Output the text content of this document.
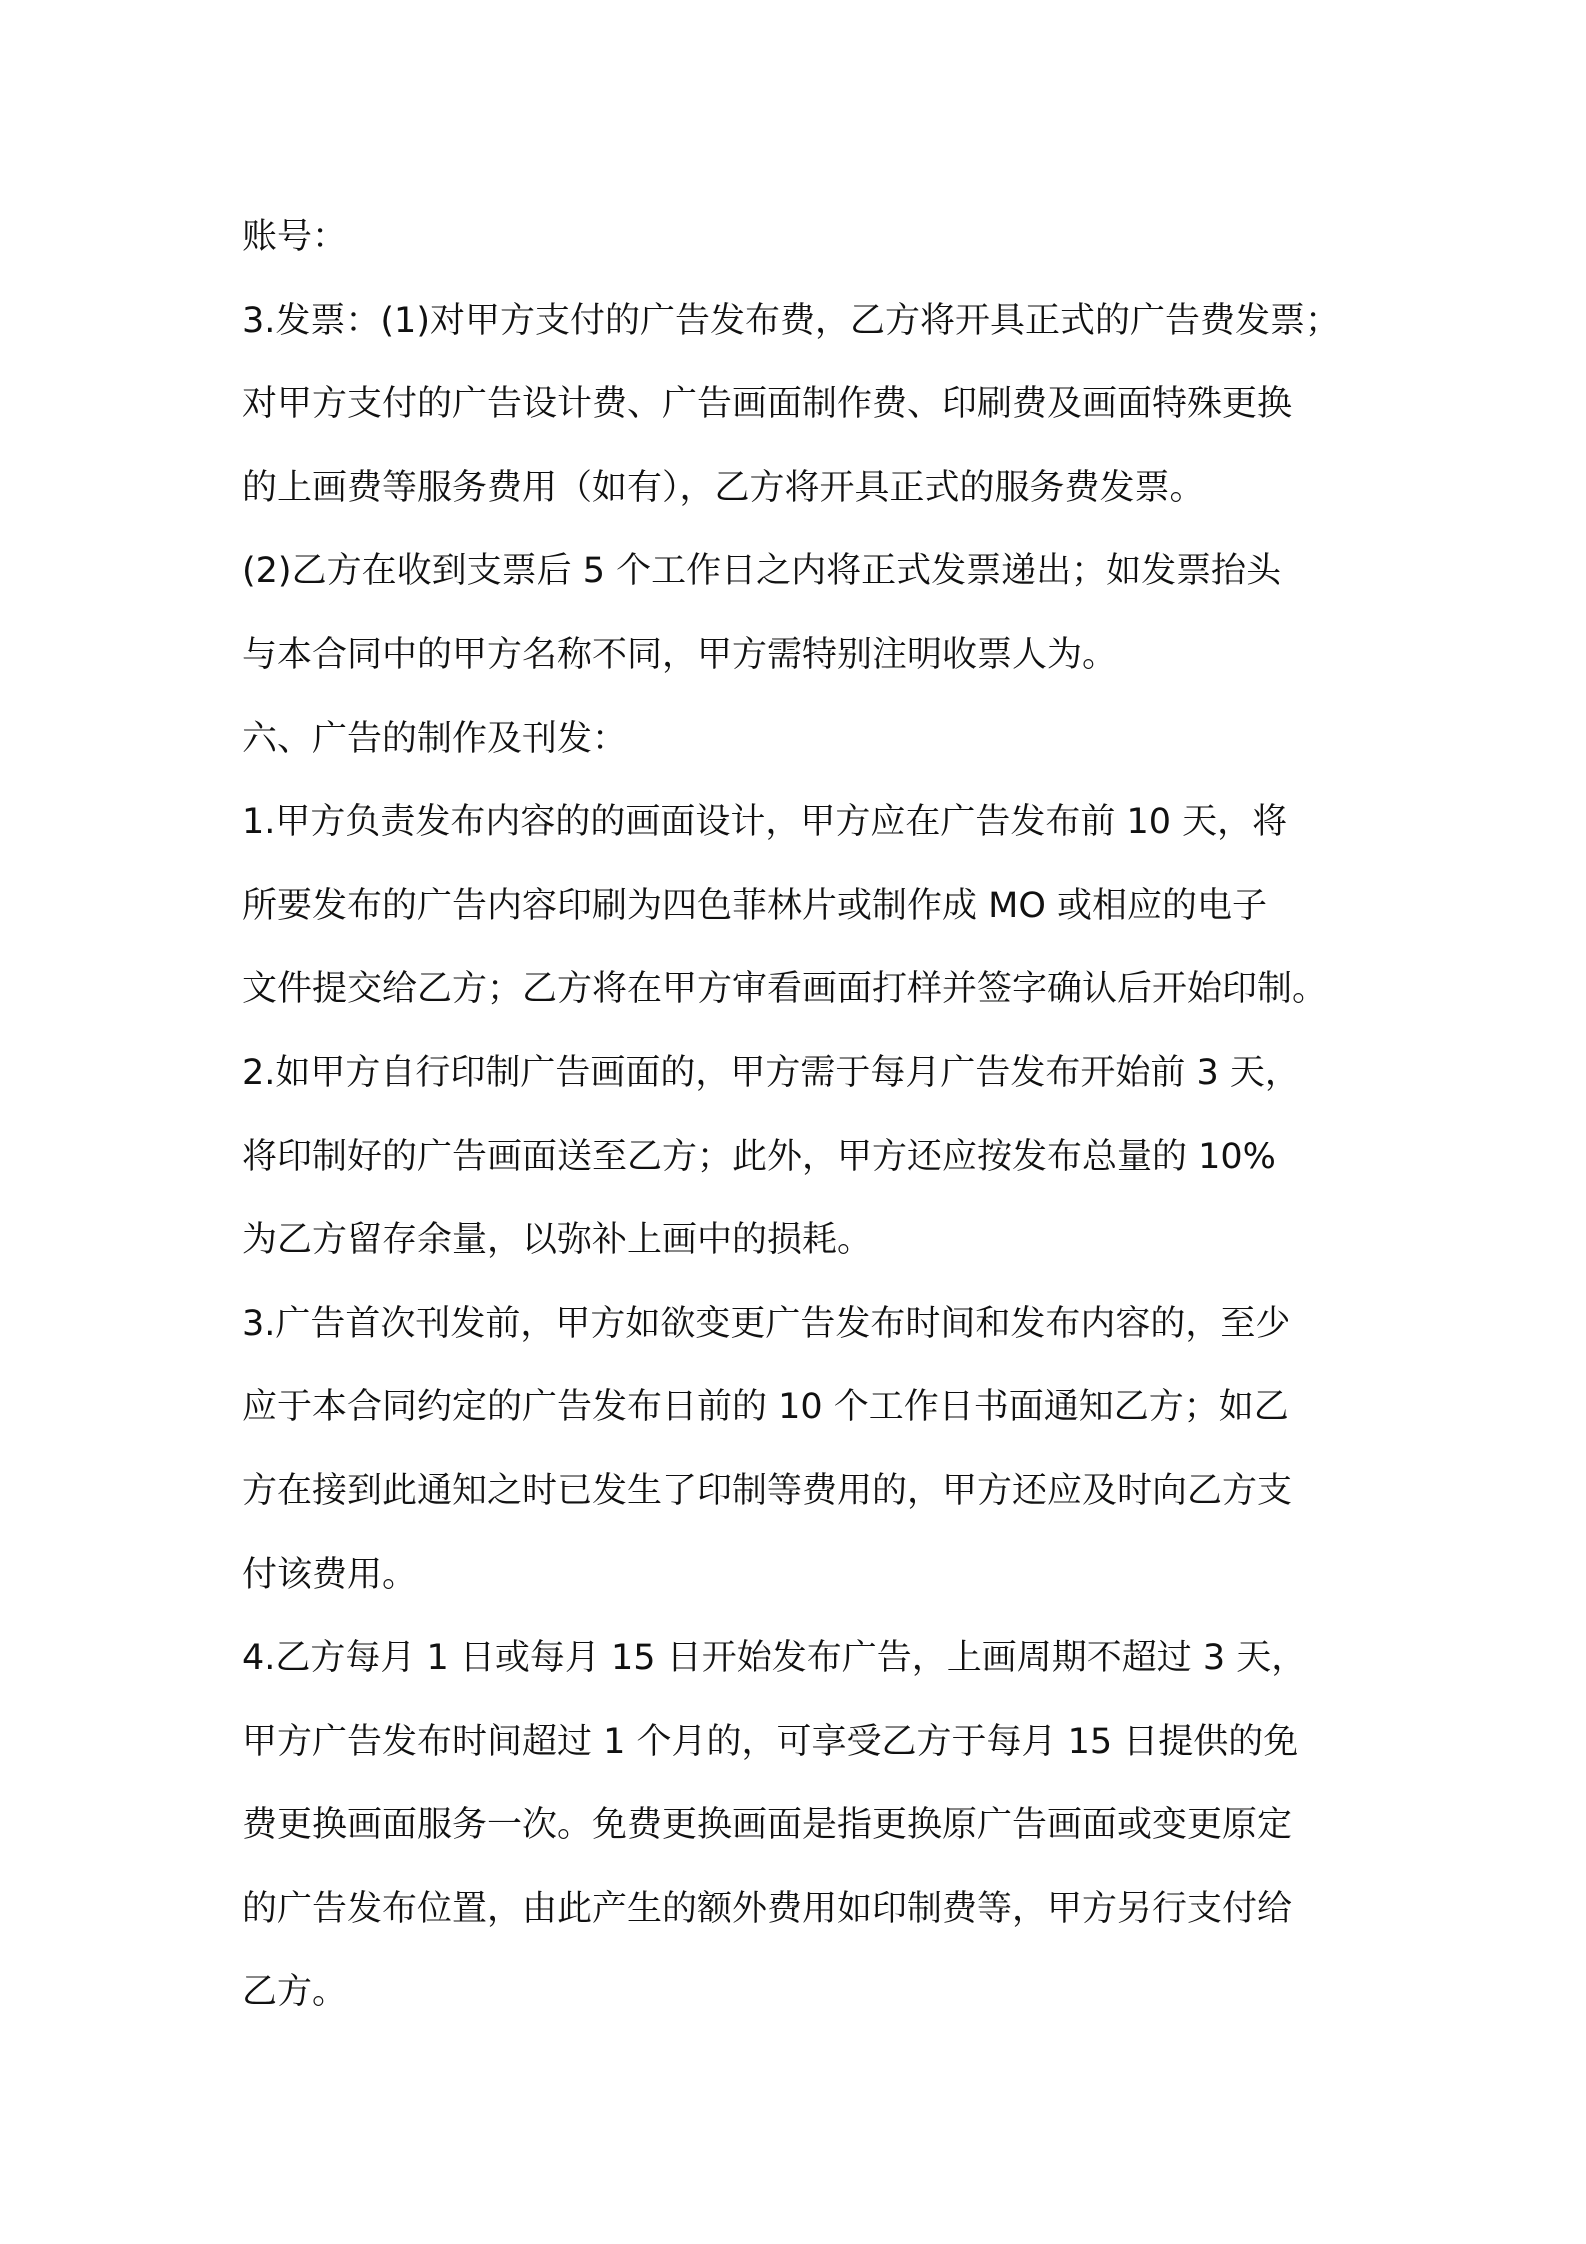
账号：
3.发票：(1)对甲方支付的广告发布费，乙方将开具正式的广告费发票；
对甲方支付的广告设计费、广告画面制作费、印刷费及画面特殊更换
的上画费等服务费用（如有），乙方将开具正式的服务费发票。
(2)乙方在收到支票后 5 个工作日之内将正式发票递出；如发票抬头
与本合同中的甲方名称不同，甲方需特别注明收票人为。
六、广告的制作及刊发：
1.甲方负责发布内容的的画面设计，甲方应在广告发布前 10 天，将
所要发布的广告内容印刷为四色菲林片或制作成 MO 或相应的电子
文件提交给乙方；乙方将在甲方审看画面打样并签字确认后开始印制。
2.如甲方自行印制广告画面的，甲方需于每月广告发布开始前 3 天，
将印制好的广告画面送至乙方；此外，甲方还应按发布总量的 10%
为乙方留存余量，以弥补上画中的损耗。
3.广告首次刊发前，甲方如欲变更广告发布时间和发布内容的，至少
应于本合同约定的广告发布日前的 10 个工作日书面通知乙方；如乙
方在接到此通知之时已发生了印制等费用的，甲方还应及时向乙方支
付该费用。
4.乙方每月 1 日或每月 15 日开始发布广告，上画周期不超过 3 天，
甲方广告发布时间超过 1 个月的，可享受乙方于每月 15 日提供的免
费更换画面服务一次。免费更换画面是指更换原广告画面或变更原定
的广告发布位置，由此产生的额外费用如印制费等，甲方另行支付给
乙方。
